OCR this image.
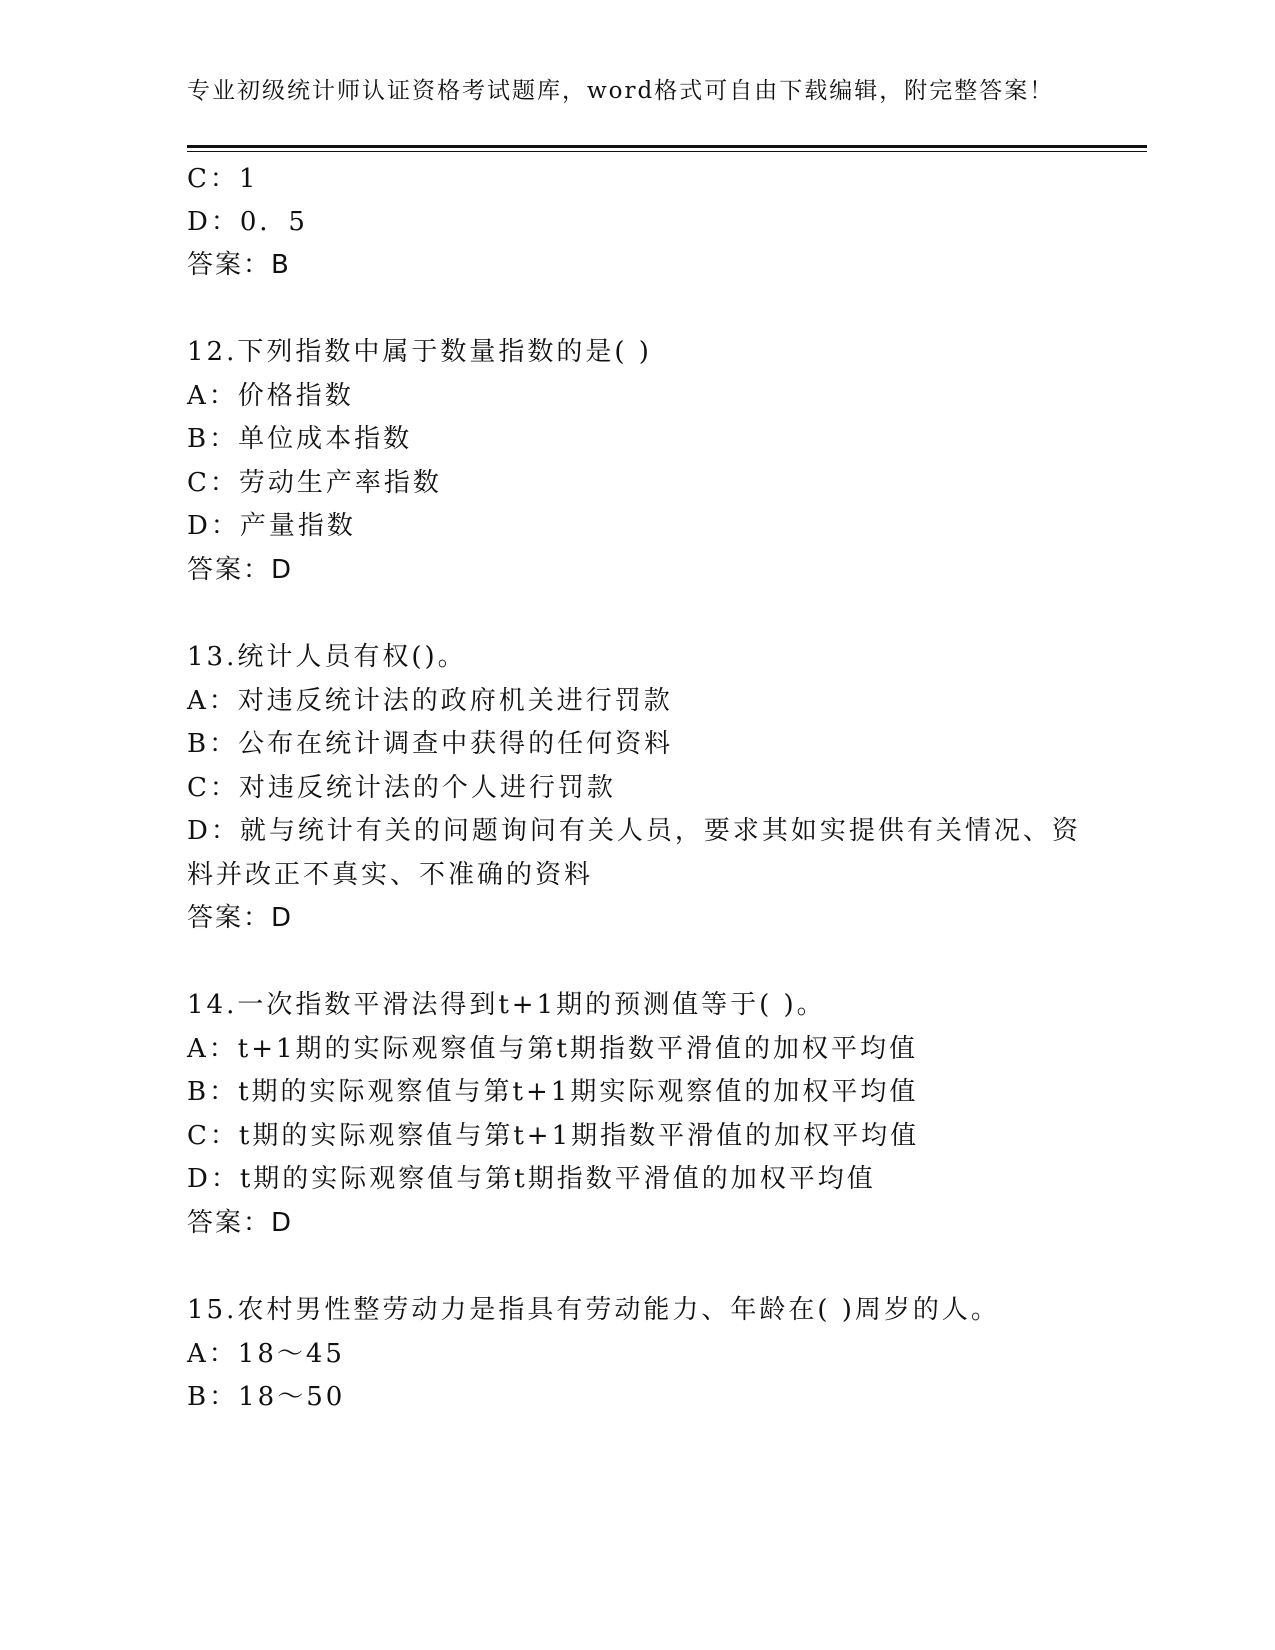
专业初级统计师认证资格考试题库，word格式可自由下载编辑，附完整答案！
C：1
D：0．5
答案：B
12.下列指数中属于数量指数的是( )
A：价格指数
B：单位成本指数
C：劳动生产率指数
D：产量指数
答案：D
13.统计人员有权()。
A：对违反统计法的政府机关进行罚款
B：公布在统计调查中获得的任何资料
C：对违反统计法的个人进行罚款
D：就与统计有关的问题询问有关人员，要求其如实提供有关情况、资
料并改正不真实、不准确的资料
答案：D
14.一次指数平滑法得到t+1期的预测值等于( )。
A：t+1期的实际观察值与第t期指数平滑值的加权平均值
B：t期的实际观察值与第t+1期实际观察值的加权平均值
C：t期的实际观察值与第t+1期指数平滑值的加权平均值
D：t期的实际观察值与第t期指数平滑值的加权平均值
答案：D
15.农村男性整劳动力是指具有劳动能力、年龄在( )周岁的人。
A：18～45
B：18～50
